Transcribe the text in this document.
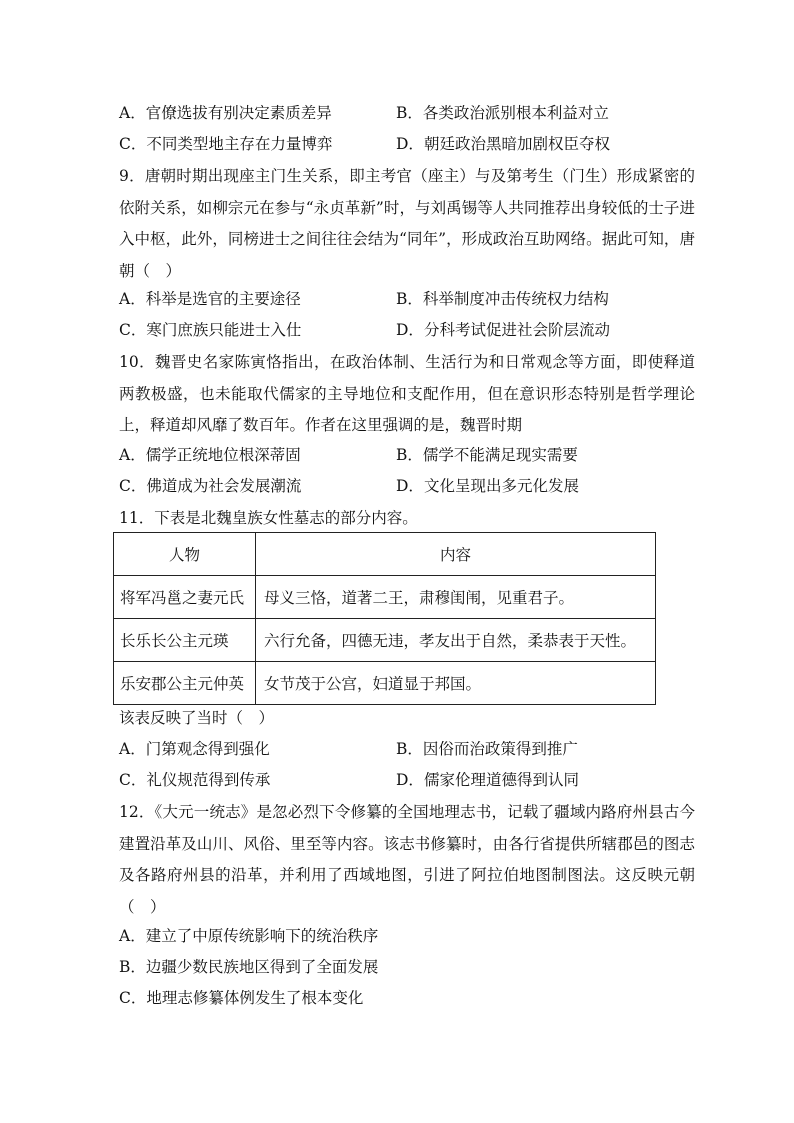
A．官僚选拔有别决定素质差异	B．各类政治派别根本利益对立
C．不同类型地主存在力量博弈	D．朝廷政治黑暗加剧权臣夺权
9．唐朝时期出现座主门生关系，即主考官（座主）与及第考生（门生）形成紧密的依附关系，如柳宗元在参与“永贞革新”时，与刘禹锡等人共同推荐出身较低的士子进入中枢，此外，同榜进士之间往往会结为“同年”，形成政治互助网络。据此可知，唐朝（　）
A．科举是选官的主要途径	B．科举制度冲击传统权力结构
C．寒门庶族只能进士入仕	D．分科考试促进社会阶层流动
10．魏晋史名家陈寅恪指出，在政治体制、生活行为和日常观念等方面，即使释道两教极盛，也未能取代儒家的主导地位和支配作用，但在意识形态特别是哲学理论上，释道却风靡了数百年。作者在这里强调的是，魏晋时期
A．儒学正统地位根深蒂固	B．儒学不能满足现实需要
C．佛道成为社会发展潮流	D．文化呈现出多元化发展
11．下表是北魏皇族女性墓志的部分内容。
人物	内容
将军冯邕之妻元氏	母义三恪，道著二王，肃穆闺闱，见重君子。
长乐长公主元瑛	六行允备，四德无违，孝友出于自然，柔恭表于天性。
乐安郡公主元仲英	女节茂于公宫，妇道显于邦国。
该表反映了当时（　）
A．门第观念得到强化	B．因俗而治政策得到推广
C．礼仪规范得到传承	D．儒家伦理道德得到认同
12．《大元一统志》是忽必烈下令修纂的全国地理志书，记载了疆域内路府州县古今建置沿革及山川、风俗、里至等内容。该志书修纂时，由各行省提供所辖郡邑的图志及各路府州县的沿革，并利用了西域地图，引进了阿拉伯地图制图法。这反映元朝（　）
A．建立了中原传统影响下的统治秩序
B．边疆少数民族地区得到了全面发展
C．地理志修纂体例发生了根本变化
